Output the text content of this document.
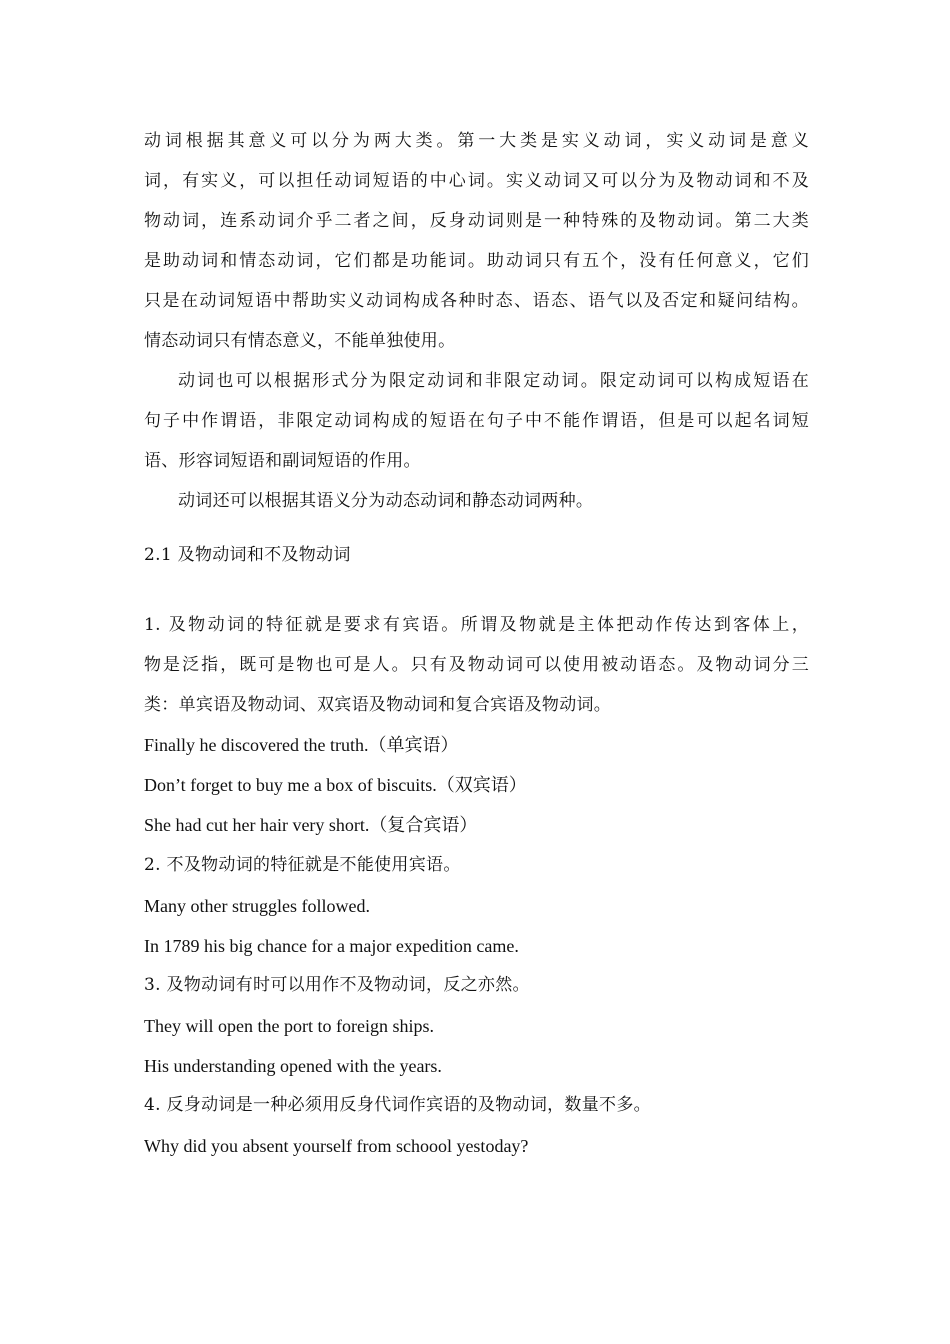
动词根据其意义可以分为两大类。第一大类是实义动词，实义动词是意义
词，有实义，可以担任动词短语的中心词。实义动词又可以分为及物动词和不及
物动词，连系动词介乎二者之间，反身动词则是一种特殊的及物动词。第二大类
是助动词和情态动词，它们都是功能词。助动词只有五个，没有任何意义，它们
只是在动词短语中帮助实义动词构成各种时态、语态、语气以及否定和疑问结构。
情态动词只有情态意义，不能单独使用。
动词也可以根据形式分为限定动词和非限定动词。限定动词可以构成短语在
句子中作谓语，非限定动词构成的短语在句子中不能作谓语，但是可以起名词短
语、形容词短语和副词短语的作用。
动词还可以根据其语义分为动态动词和静态动词两种。
2.1 及物动词和不及物动词
1. 及物动词的特征就是要求有宾语。所谓及物就是主体把动作传达到客体上，
物是泛指，既可是物也可是人。只有及物动词可以使用被动语态。及物动词分三
类：单宾语及物动词、双宾语及物动词和复合宾语及物动词。
Finally he discovered the truth.（单宾语）
Don’t forget to buy me a box of biscuits.（双宾语）
She had cut her hair very short.（复合宾语）
2. 不及物动词的特征就是不能使用宾语。
Many other struggles followed.
In 1789 his big chance for a major expedition came.
3. 及物动词有时可以用作不及物动词，反之亦然。
They will open the port to foreign ships.
His understanding opened with the years.
4. 反身动词是一种必须用反身代词作宾语的及物动词，数量不多。
Why did you absent yourself from schoool yestoday?
